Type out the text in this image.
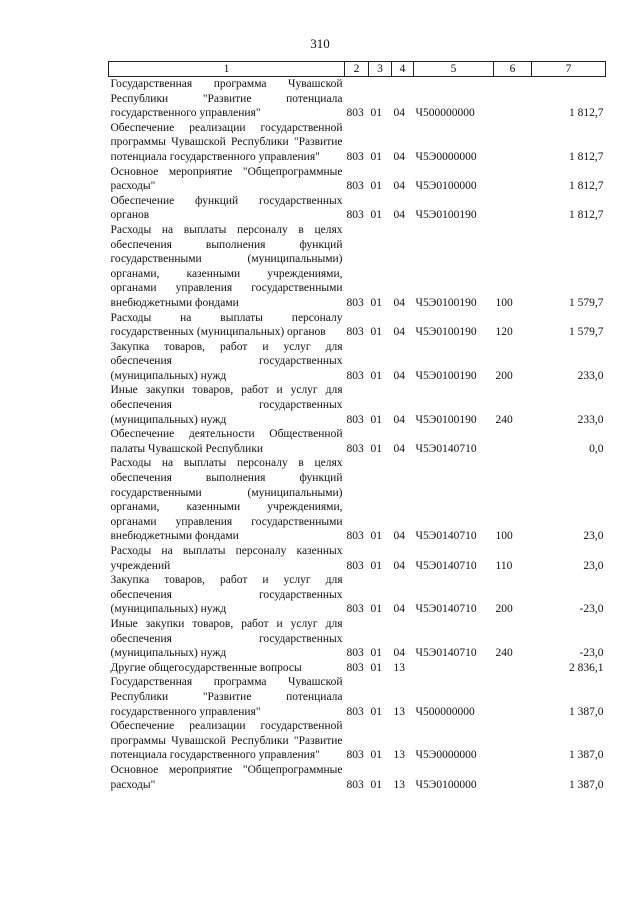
310
1	2	3	4	5	6	7
Государственная программа Чувашской Республики "Развитие потенциала государственного управления"	803	01	04	Ч500000000		1 812,7
Обеспечение реализации государственной программы Чувашской Республики "Развитие потенциала государственного управления"	803	01	04	Ч5Э0000000		1 812,7
Основное мероприятие "Общепрограммные расходы"	803	01	04	Ч5Э0100000		1 812,7
Обеспечение функций государственных органов	803	01	04	Ч5Э0100190		1 812,7
Расходы на выплаты персоналу в целях обеспечения выполнения функций государственными (муниципальными) органами, казенными учреждениями, органами управления государственными внебюджетными фондами	803	01	04	Ч5Э0100190	100	1 579,7
Расходы на выплаты персоналу государственных (муниципальных) органов	803	01	04	Ч5Э0100190	120	1 579,7
Закупка товаров, работ и услуг для обеспечения государственных (муниципальных) нужд	803	01	04	Ч5Э0100190	200	233,0
Иные закупки товаров, работ и услуг для обеспечения государственных (муниципальных) нужд	803	01	04	Ч5Э0100190	240	233,0
Обеспечение деятельности Общественной палаты Чувашской Республики	803	01	04	Ч5Э0140710		0,0
Расходы на выплаты персоналу в целях обеспечения выполнения функций государственными (муниципальными) органами, казенными учреждениями, органами управления государственными внебюджетными фондами	803	01	04	Ч5Э0140710	100	23,0
Расходы на выплаты персоналу казенных учреждений	803	01	04	Ч5Э0140710	110	23,0
Закупка товаров, работ и услуг для обеспечения государственных (муниципальных) нужд	803	01	04	Ч5Э0140710	200	-23,0
Иные закупки товаров, работ и услуг для обеспечения государственных (муниципальных) нужд	803	01	04	Ч5Э0140710	240	-23,0
Другие общегосударственные вопросы	803	01	13			2 836,1
Государственная программа Чувашской Республики "Развитие потенциала государственного управления"	803	01	13	Ч500000000		1 387,0
Обеспечение реализации государственной программы Чувашской Республики "Развитие потенциала государственного управления"	803	01	13	Ч5Э0000000		1 387,0
Основное мероприятие "Общепрограммные расходы"	803	01	13	Ч5Э0100000		1 387,0
